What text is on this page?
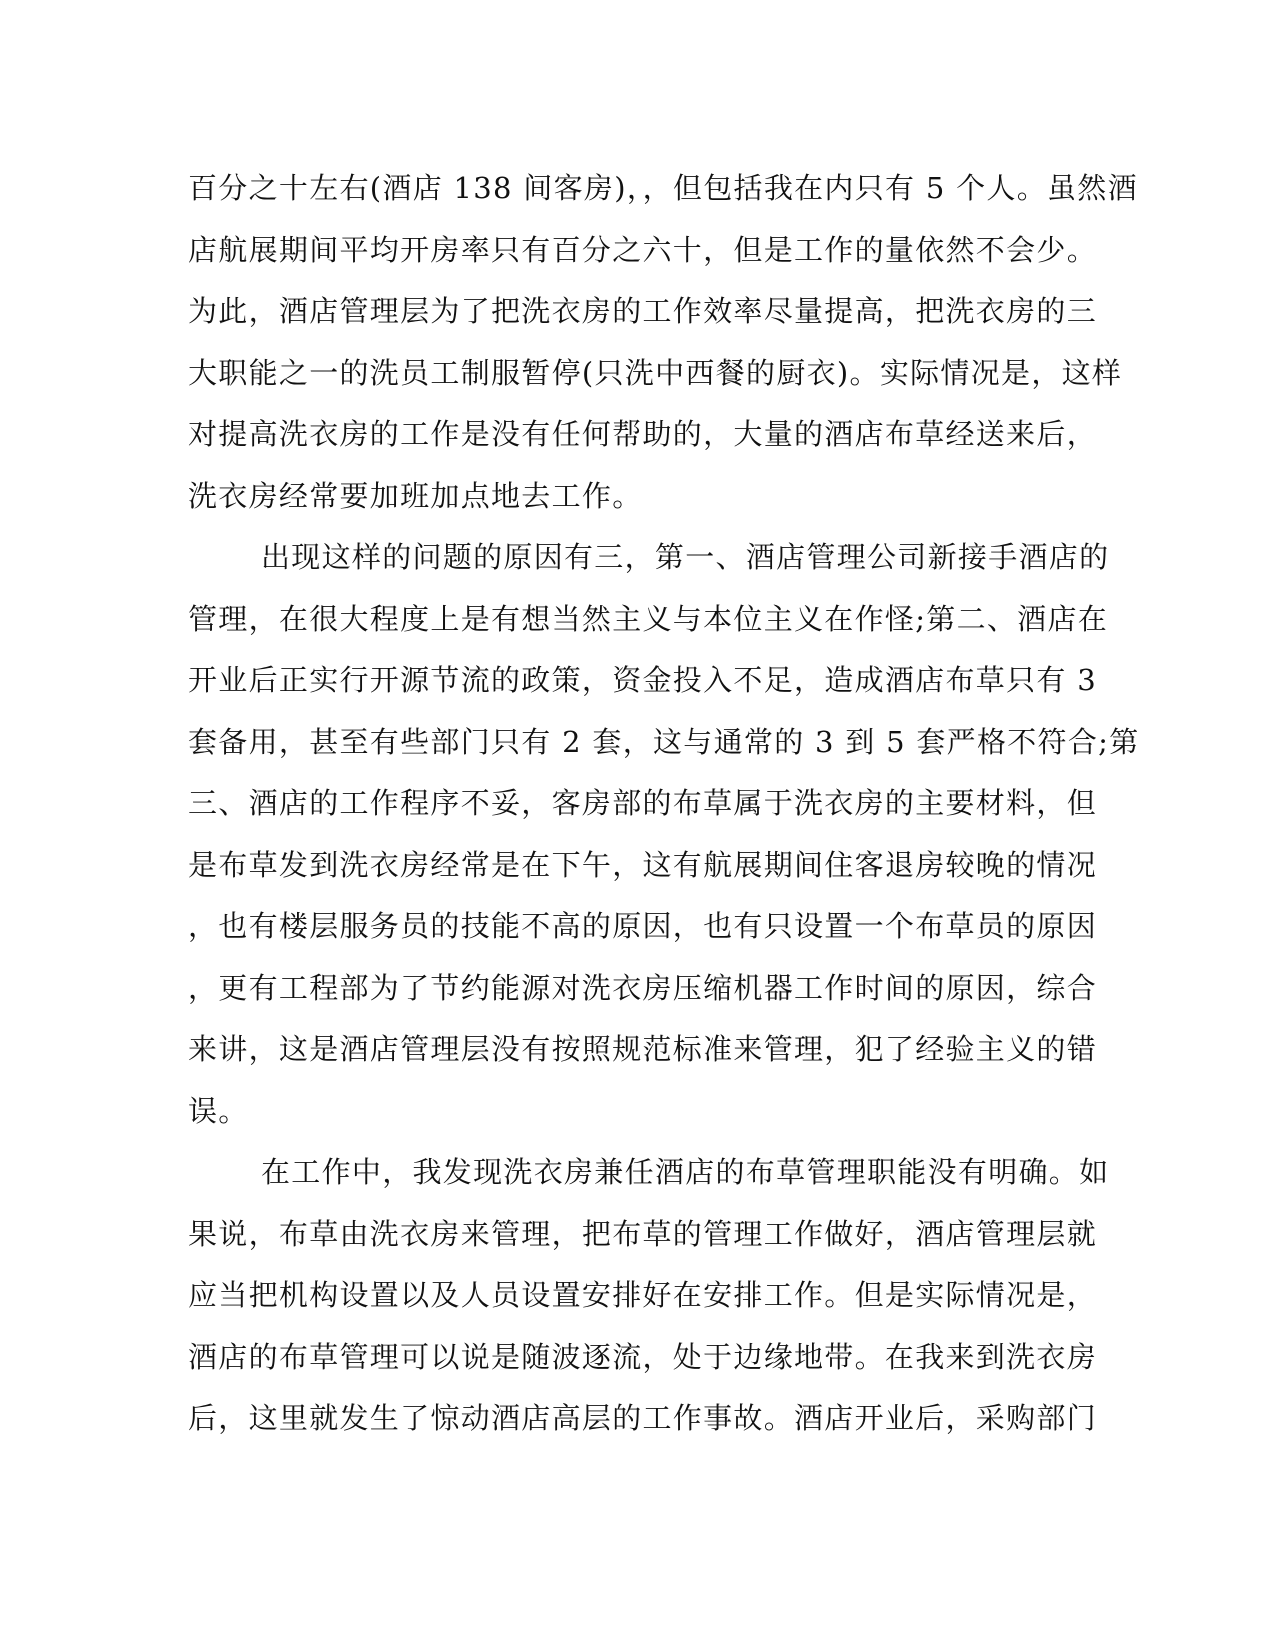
百分之十左右(酒店 138 间客房)，，但包括我在内只有 5 个人。虽然酒
店航展期间平均开房率只有百分之六十，但是工作的量依然不会少。
为此，酒店管理层为了把洗衣房的工作效率尽量提高，把洗衣房的三
大职能之一的洗员工制服暂停(只洗中西餐的厨衣)。实际情况是，这样
对提高洗衣房的工作是没有任何帮助的，大量的酒店布草经送来后，
洗衣房经常要加班加点地去工作。
出现这样的问题的原因有三，第一、酒店管理公司新接手酒店的
管理，在很大程度上是有想当然主义与本位主义在作怪;第二、酒店在
开业后正实行开源节流的政策，资金投入不足，造成酒店布草只有 3
套备用，甚至有些部门只有 2 套，这与通常的 3 到 5 套严格不符合;第
三、酒店的工作程序不妥，客房部的布草属于洗衣房的主要材料，但
是布草发到洗衣房经常是在下午，这有航展期间住客退房较晚的情况
，也有楼层服务员的技能不高的原因，也有只设置一个布草员的原因
，更有工程部为了节约能源对洗衣房压缩机器工作时间的原因，综合
来讲，这是酒店管理层没有按照规范标准来管理，犯了经验主义的错
误。
在工作中，我发现洗衣房兼任酒店的布草管理职能没有明确。如
果说，布草由洗衣房来管理，把布草的管理工作做好，酒店管理层就
应当把机构设置以及人员设置安排好在安排工作。但是实际情况是，
酒店的布草管理可以说是随波逐流，处于边缘地带。在我来到洗衣房
后，这里就发生了惊动酒店高层的工作事故。酒店开业后，采购部门
